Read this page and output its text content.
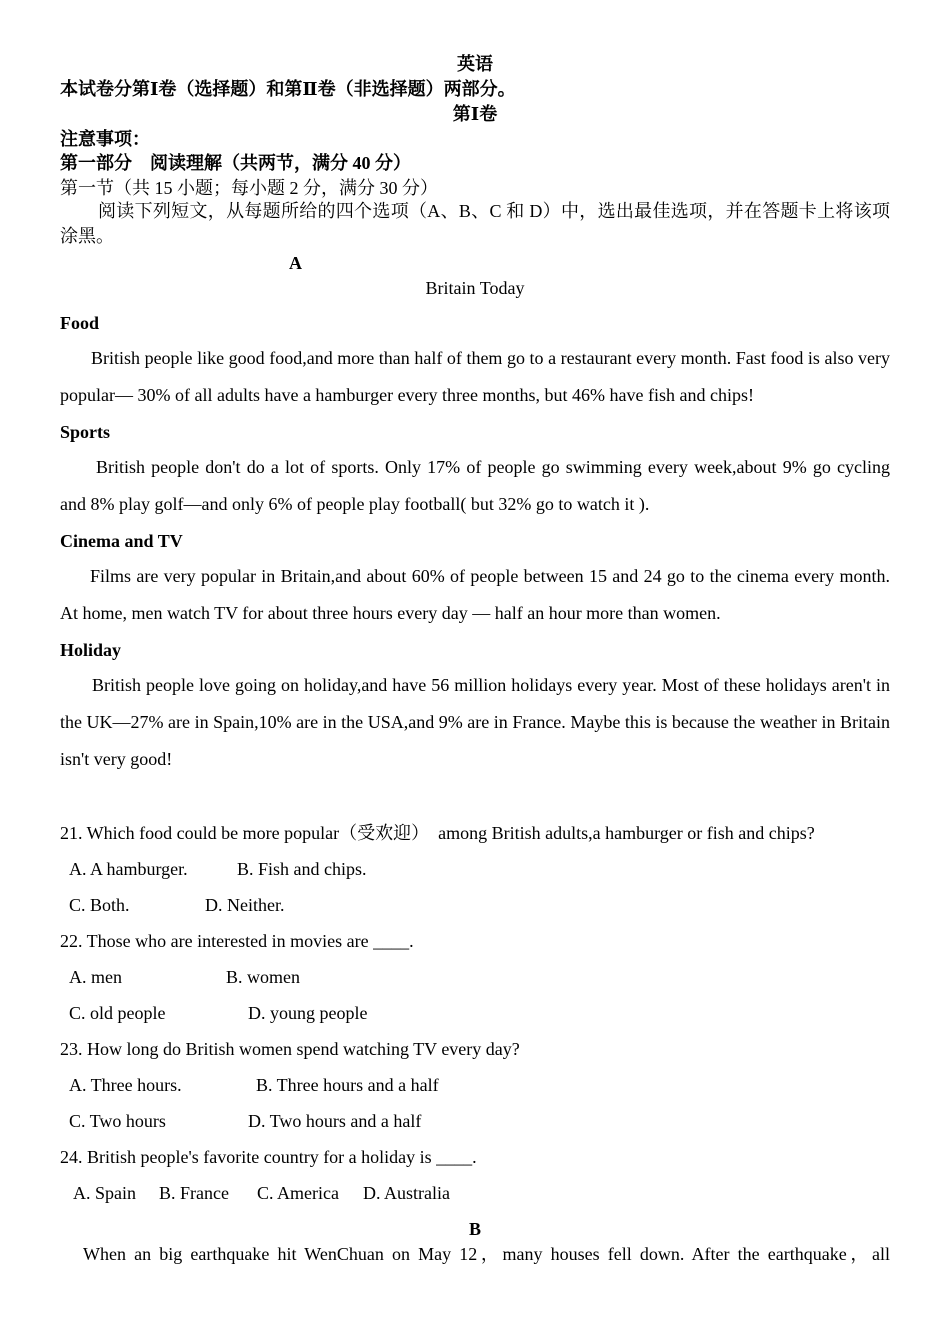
英语
本试卷分第Ⅰ卷（选择题）和第Ⅱ卷（非选择题）两部分。
第Ⅰ卷
注意事项：
第一部分    阅读理解（共两节，满分 40 分）
第一节（共 15 小题；每小题 2 分，满分 30 分）
阅读下列短文，从每题所给的四个选项（A、B、C 和 D）中，选出最佳选项，并在答题卡上将该项涂黑。
A
Britain Today
Food
British people like good food,and more than half of them go to a restaurant every month. Fast food is also very popular— 30% of all adults have a hamburger every three months, but 46% have fish and chips!
Sports
British people don't do a lot of sports. Only 17% of people go swimming every week,about 9% go cycling and 8% play golf—and only 6% of people play football( but 32% go to watch it ).
Cinema and TV
Films are very popular in Britain,and about 60% of people between 15 and 24 go to the cinema every month. At home, men watch TV for about three hours every day — half an hour more than women.
Holiday
British people love going on holiday,and have 56 million holidays every year. Most of these holidays aren't in the UK—27% are in Spain,10% are in the USA,and 9% are in France. Maybe this is because the weather in Britain isn't very good!
21. Which food could be more popular（受欢迎）  among British adults,a hamburger or fish and chips?
A. A hamburger.	B. Fish and chips.
C. Both.	D. Neither.
22. Those who are interested in movies are ____.
A. men	B. women
C. old people	D. young people
23. How long do British women spend watching TV every day?
A. Three hours.	B. Three hours and a half
C. Two hours	D. Two hours and a half
24. British people's favorite country for a holiday is ____.
A. Spain B. France C. America D. Australia
B
When an big earthquake hit WenChuan on May 12，many houses fell down. After the earthquake，all
